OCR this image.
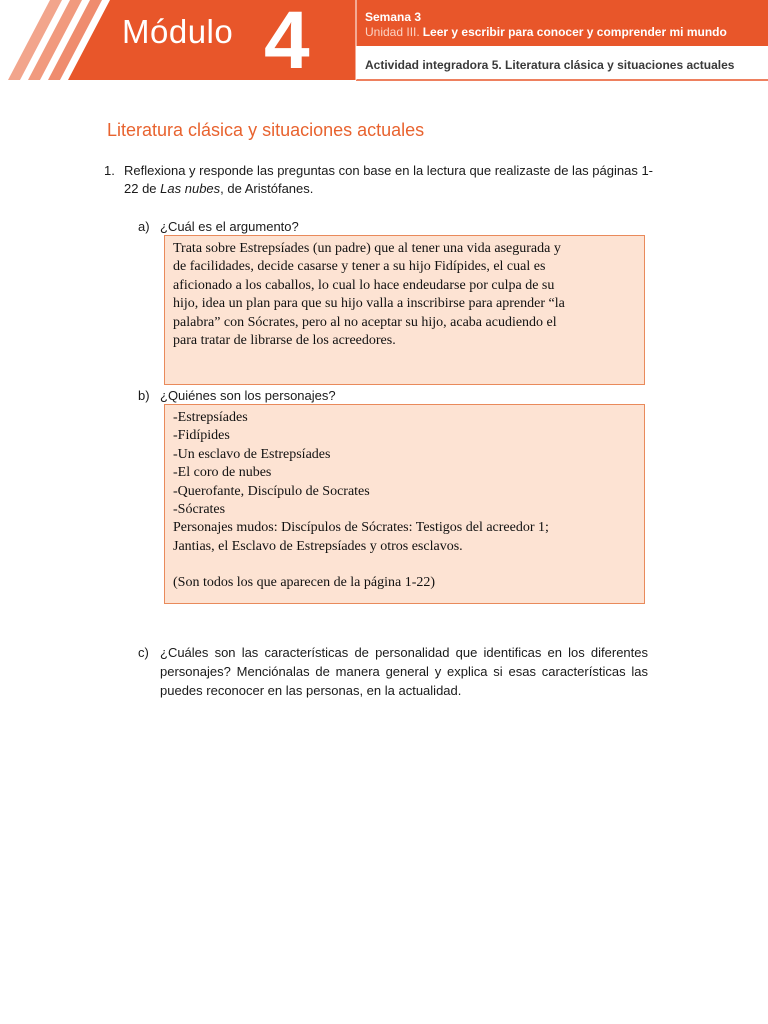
Módulo 4	Semana 3
Unidad III. Leer y escribir para conocer y comprender mi mundo
Actividad integradora 5. Literatura clásica y situaciones actuales
Literatura clásica y situaciones actuales
1. Reflexiona y responde las preguntas con base en la lectura que realizaste de las páginas 1-22 de Las nubes, de Aristófanes.
a) ¿Cuál es el argumento?
Trata sobre Estrepsíades (un padre) que al tener una vida asegurada y
de facilidades, decide casarse y tener a su hijo Fidípides, el cual es
aficionado a los caballos, lo cual lo hace endeudarse por culpa de su
hijo, idea un plan para que su hijo valla a inscribirse para aprender “la
palabra” con Sócrates, pero al no aceptar su hijo, acaba acudiendo el
para tratar de librarse de los acreedores.
b) ¿Quiénes son los personajes?
-Estrepsíades
-Fidípides
-Un esclavo de Estrepsíades
-El coro de nubes
-Querofante, Discípulo de Socrates
-Sócrates
Personajes mudos: Discípulos de Sócrates: Testigos del acreedor 1;
Jantias, el Esclavo de Estrepsíades y otros esclavos.
(Son todos los que aparecen de la página 1-22)
c) ¿Cuáles son las características de personalidad que identificas en los diferentes personajes? Menciónalas de manera general y explica si esas características las puedes reconocer en las personas, en la actualidad.
